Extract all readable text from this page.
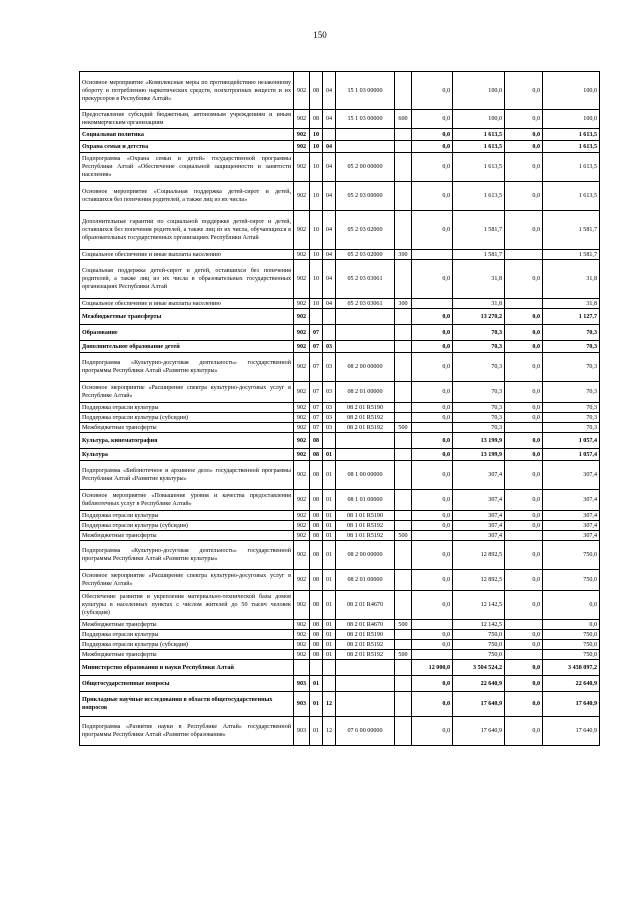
150
Основное мероприятие «Комплексные меры по противодействию незаконному обороту и потреблению наркотических средств, психотропных веществ и их прекурсоров в Республике Алтай»	902	08	04	15 1 03 00000		0,0	100,0	0,0	100,0
Предоставление субсидий бюджетным, автономным учреждениям и иным некоммерческим организациям	902	08	04	15 1 03 00000	600	0,0	100,0	0,0	100,0
Социальная политика	902	10				0,0	1 613,5	0,0	1 613,5
Охрана семьи и детства	902	10	04			0,0	1 613,5	0,0	1 613,5
Подпрограмма «Охрана семьи и детей» государственной программы Республики Алтай «Обеспечение социальной защищенности и занятости населения»	902	10	04	05 2 00 00000		0,0	1 613,5	0,0	1 613,5
Основное мероприятие «Социальная поддержка детей-сирот и детей, оставшихся без попечения родителей, а также лиц из их числа»	902	10	04	05 2 03 00000		0,0	1 613,5	0,0	1 613,5
Дополнительные гарантии по социальной поддержке детей-сирот и детей, оставшихся без попечения родителей, а также лиц из их числа, обучающихся в образовательных государственных организациях Республики Алтай	902	10	04	05 2 03 02000		0,0	1 581,7	0,0	1 581,7
Социальное обеспечение и иные выплаты населению	902	10	04	05 2 03 02000	300		1 581,7		1 581,7
Социальная поддержка детей-сирот и детей, оставшихся без попечения родителей, а также лиц из их числа в образовательных государственных организациях Республики Алтай	902	10	04	05 2 03 03061		0,0	31,8	0,0	31,8
Социальное обеспечение и иные выплаты населению	902	10	04	05 2 03 03061	300		31,8		31,8
Межбюджетные трансферты	902					0,0	13 270,2	0,0	1 127,7
Образование	902	07				0,0	70,3	0,0	70,3
Дополнительное образование детей	902	07	03			0,0	70,3	0,0	70,3
Подпрограмма «Культурно-досуговая деятельность» государственной программы Республики Алтай «Развитие культуры»	902	07	03	08 2 00 00000		0,0	70,3	0,0	70,3
Основное мероприятие «Расширение спектра культурно-досуговых услуг в Республике Алтай»	902	07	03	08 2 01 00000		0,0	70,3	0,0	70,3
Поддержка отрасли культуры	902	07	03	08 2 01 R5190		0,0	70,3	0,0	70,3
Поддержка отрасли культуры (субсидия)	902	07	03	08 2 01 R5192		0,0	70,3	0,0	70,3
Межбюджетные трансферты	902	07	03	08 2 01 R5192	500		70,3		70,3
Культура, кинематография	902	08				0,0	13 199,9	0,0	1 057,4
Культура	902	08	01			0,0	13 199,9	0,0	1 057,4
Подпрограмма «Библиотечное и архивное дело» государственной программы Республики Алтай «Развитие культуры»	902	08	01	08 1 00 00000		0,0	307,4	0,0	307,4
Основное мероприятие «Повышение уровня и качества предоставления библиотечных услуг в Республике Алтай»	902	08	01	08 1 01 00000		0,0	307,4	0,0	307,4
Поддержка отрасли культуры	902	08	01	08 1 01 R5190		0,0	307,4	0,0	307,4
Поддержка отрасли культуры (субсидия)	902	08	01	08 1 01 R5192		0,0	307,4	0,0	307,4
Межбюджетные трансферты	902	08	01	08 1 01 R5192	500		307,4		307,4
Подпрограмма «Культурно-досуговая деятельность» государственной программы Республики Алтай «Развитие культуры»	902	08	01	08 2 00 00000		0,0	12 892,5	0,0	750,0
Основное мероприятие «Расширение спектра культурно-досуговых услуг в Республике Алтай»	902	08	01	08 2 01 00000		0,0	12 892,5	0,0	750,0
Обеспечение развития и укрепления материально-технической базы домов культуры в населенных пунктах с числом жителей до 50 тысяч человек (субсидия)	902	08	01	08 2 01 R4670		0,0	12 142,5	0,0	0,0
Межбюджетные трансферты	902	08	01	08 2 01 R4670	500		12 142,5		0,0
Поддержка отрасли культуры	902	08	01	08 2 01 R5190		0,0	750,0	0,0	750,0
Поддержка отрасли культуры (субсидия)	902	08	01	08 2 01 R5192		0,0	750,0	0,0	750,0
Межбюджетные трансферты	902	08	01	08 2 01 R5192	500		750,0		750,0
Министерство образования и науки Республики Алтай						12 000,0	3 504 524,2	0,0	3 438 097,2
Общегосударственные вопросы	903	01				0,0	22 640,9	0,0	22 640,9
Прикладные научные исследования в области общегосударственных вопросов	903	01	12			0,0	17 640,9	0,0	17 640,9
Подпрограмма «Развитие науки в Республике Алтай» государственной программы Республики Алтай «Развитие образования»	903	01	12	07 6 00 00000		0,0	17 640,9	0,0	17 640,9
